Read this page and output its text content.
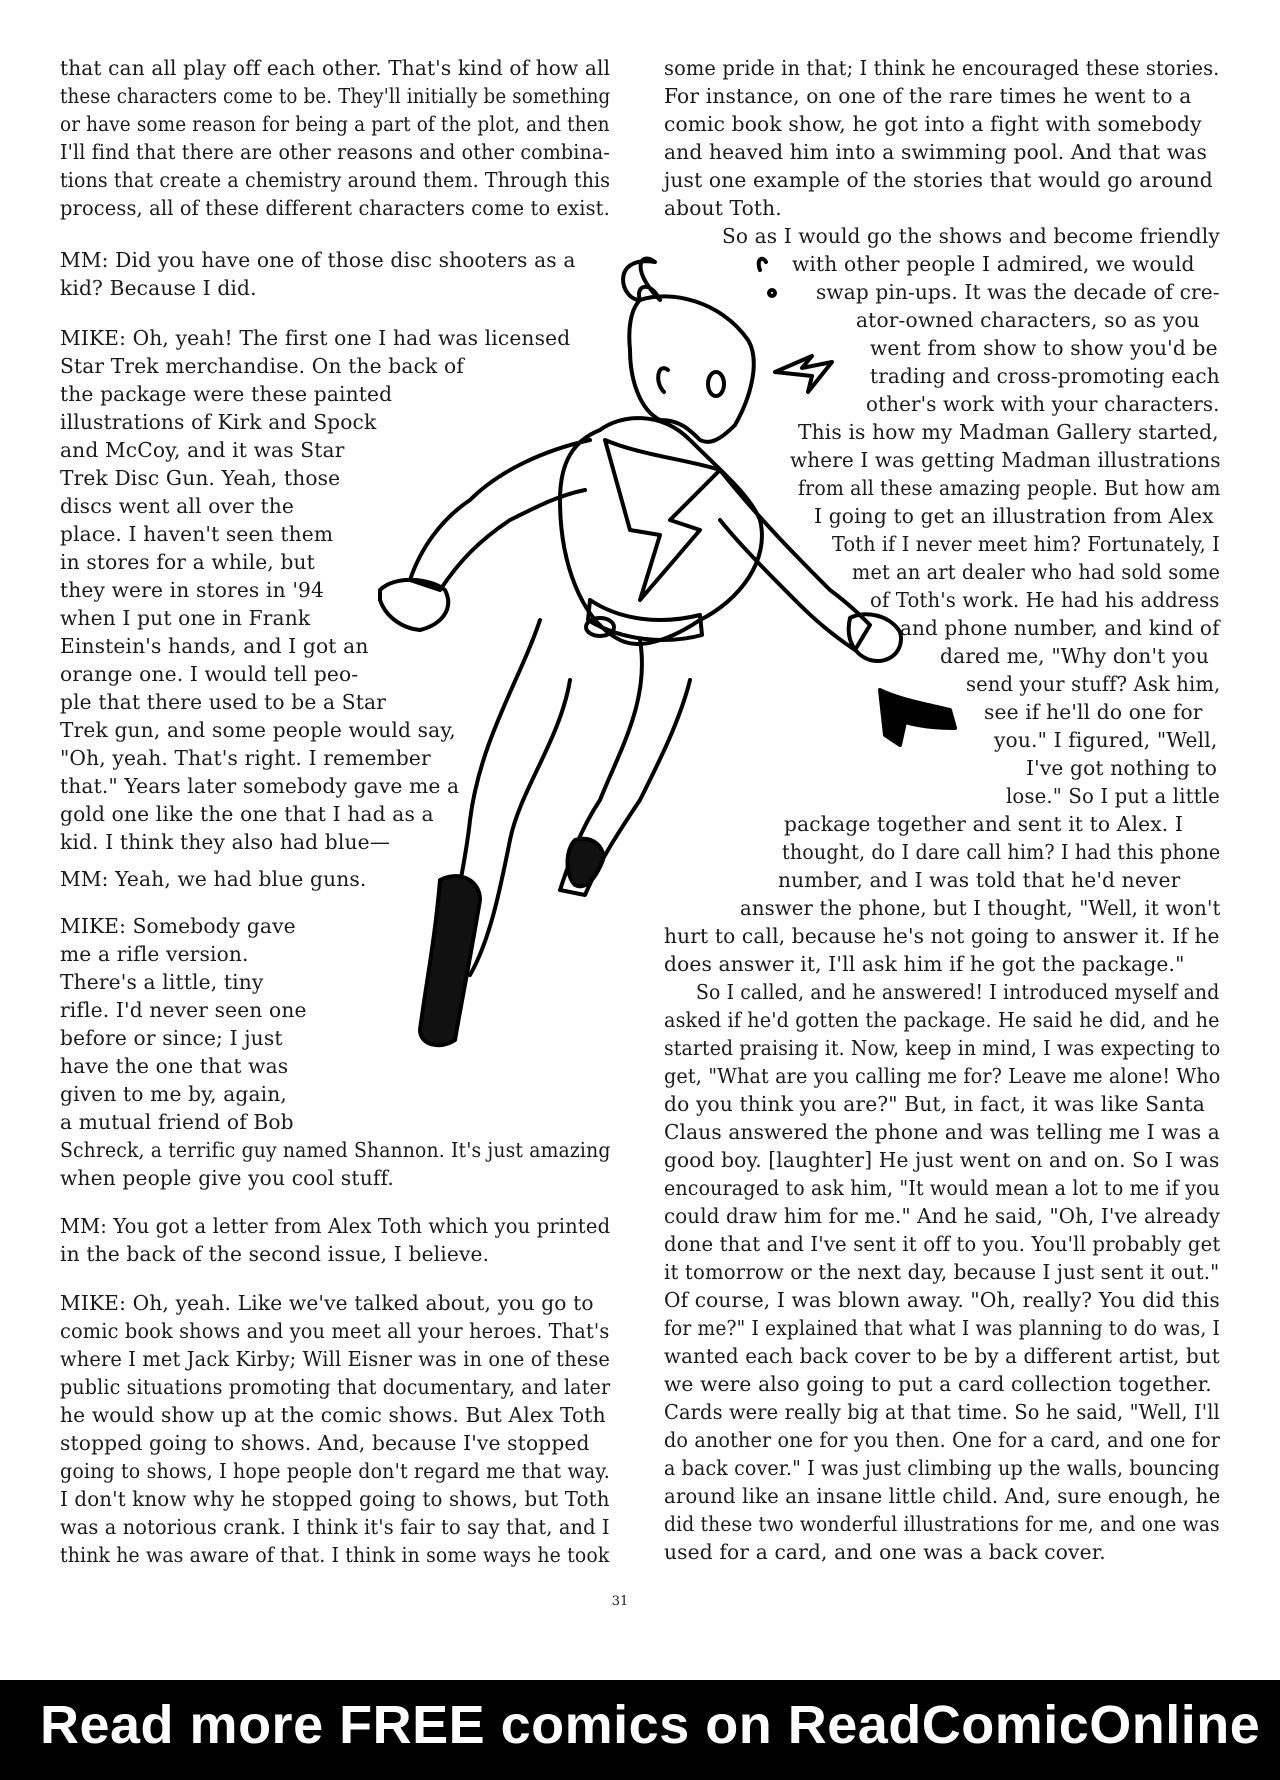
that can all play off each other. That's kind of how all
these characters come to be. They'll initially be something
or have some reason for being a part of the plot, and then
I'll find that there are other reasons and other combina-
tions that create a chemistry around them. Through this
process, all of these different characters come to exist.
MM: Did you have one of those disc shooters as a
kid? Because I did.
MIKE: Oh, yeah! The first one I had was licensed
Star Trek merchandise. On the back of
the package were these painted
illustrations of Kirk and Spock
and McCoy, and it was Star
Trek Disc Gun. Yeah, those
discs went all over the
place. I haven't seen them
in stores for a while, but
they were in stores in '94
when I put one in Frank
Einstein's hands, and I got an
orange one. I would tell peo-
ple that there used to be a Star
Trek gun, and some people would say,
"Oh, yeah. That's right. I remember
that." Years later somebody gave me a
gold one like the one that I had as a
kid. I think they also had blue—
MM: Yeah, we had blue guns.
MIKE: Somebody gave
me a rifle version.
There's a little, tiny
rifle. I'd never seen one
before or since; I just
have the one that was
given to me by, again,
a mutual friend of Bob
Schreck, a terrific guy named Shannon. It's just amazing
when people give you cool stuff.
MM: You got a letter from Alex Toth which you printed
in the back of the second issue, I believe.
MIKE: Oh, yeah. Like we've talked about, you go to
comic book shows and you meet all your heroes. That's
where I met Jack Kirby; Will Eisner was in one of these
public situations promoting that documentary, and later
he would show up at the comic shows. But Alex Toth
stopped going to shows. And, because I've stopped
going to shows, I hope people don't regard me that way.
I don't know why he stopped going to shows, but Toth
was a notorious crank. I think it's fair to say that, and I
think he was aware of that. I think in some ways he took
some pride in that; I think he encouraged these stories.
For instance, on one of the rare times he went to a
comic book show, he got into a fight with somebody
and heaved him into a swimming pool. And that was
just one example of the stories that would go around
about Toth.
So as I would go the shows and become friendly
with other people I admired, we would
swap pin-ups. It was the decade of cre-
ator-owned characters, so as you
went from show to show you'd be
trading and cross-promoting each
other's work with your characters.
This is how my Madman Gallery started,
where I was getting Madman illustrations
from all these amazing people. But how am
I going to get an illustration from Alex
Toth if I never meet him? Fortunately, I
met an art dealer who had sold some
of Toth's work. He had his address
and phone number, and kind of
dared me, "Why don't you
send your stuff? Ask him,
see if he'll do one for
you." I figured, "Well,
I've got nothing to
lose." So I put a little
package together and sent it to Alex. I
thought, do I dare call him? I had this phone
number, and I was told that he'd never
answer the phone, but I thought, "Well, it won't
hurt to call, because he's not going to answer it. If he
does answer it, I'll ask him if he got the package."
So I called, and he answered! I introduced myself and
asked if he'd gotten the package. He said he did, and he
started praising it. Now, keep in mind, I was expecting to
get, "What are you calling me for? Leave me alone! Who
do you think you are?" But, in fact, it was like Santa
Claus answered the phone and was telling me I was a
good boy. [laughter] He just went on and on. So I was
encouraged to ask him, "It would mean a lot to me if you
could draw him for me." And he said, "Oh, I've already
done that and I've sent it off to you. You'll probably get
it tomorrow or the next day, because I just sent it out."
Of course, I was blown away. "Oh, really? You did this
for me?" I explained that what I was planning to do was, I
wanted each back cover to be by a different artist, but
we were also going to put a card collection together.
Cards were really big at that time. So he said, "Well, I'll
do another one for you then. One for a card, and one for
a back cover." I was just climbing up the walls, bouncing
around like an insane little child. And, sure enough, he
did these two wonderful illustrations for me, and one was
used for a card, and one was a back cover.
31
Read more FREE comics on ReadComicOnline
